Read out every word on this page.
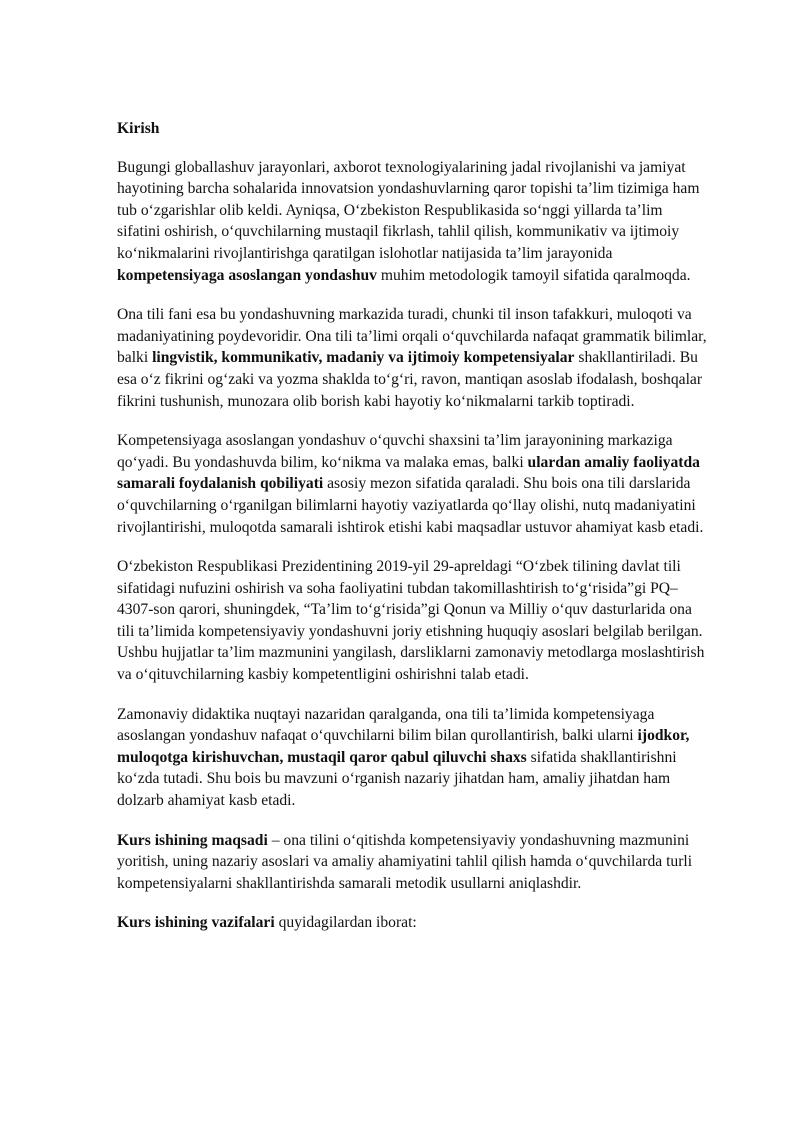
Kirish

Bugungi globallashuv jarayonlari, axborot texnologiyalarining jadal rivojlanishi va jamiyat hayotining barcha sohalarida innovatsion yondashuvlarning qaror topishi ta’lim tizimiga ham tub o‘zgarishlar olib keldi. Ayniqsa, O‘zbekiston Respublikasida so‘nggi yillarda ta’lim sifatini oshirish, o‘quvchilarning mustaqil fikrlash, tahlil qilish, kommunikativ va ijtimoiy ko‘nikmalarini rivojlantirishga qaratilgan islohotlar natijasida ta’lim jarayonida kompetensiyaga asoslangan yondashuv muhim metodologik tamoyil sifatida qaralmoqda.

Ona tili fani esa bu yondashuvning markazida turadi, chunki til inson tafakkuri, muloqoti va madaniyatining poydevoridir. Ona tili ta’limi orqali o‘quvchilarda nafaqat grammatik bilimlar, balki lingvistik, kommunikativ, madaniy va ijtimoiy kompetensiyalar shakllantiriladi. Bu esa o‘z fikrini og‘zaki va yozma shaklda to‘g‘ri, ravon, mantiqan asoslab ifodalash, boshqalar fikrini tushunish, munozara olib borish kabi hayotiy ko‘nikmalarni tarkib toptiradi.

Kompetensiyaga asoslangan yondashuv o‘quvchi shaxsini ta’lim jarayonining markaziga qo‘yadi. Bu yondashuvda bilim, ko‘nikma va malaka emas, balki ulardan amaliy faoliyatda samarali foydalanish qobiliyati asosiy mezon sifatida qaraladi. Shu bois ona tili darslarida o‘quvchilarning o‘rganilgan bilimlarni hayotiy vaziyatlarda qo‘llay olishi, nutq madaniyatini rivojlantirishi, muloqotda samarali ishtirok etishi kabi maqsadlar ustuvor ahamiyat kasb etadi.

O‘zbekiston Respublikasi Prezidentining 2019-yil 29-apreldagi “O‘zbek tilining davlat tili sifatidagi nufuzini oshirish va soha faoliyatini tubdan takomillashtirish to‘g‘risida”gi PQ–4307-son qarori, shuningdek, “Ta’lim to‘g‘risida”gi Qonun va Milliy o‘quv dasturlarida ona tili ta’limida kompetensiyaviy yondashuvni joriy etishning huquqiy asoslari belgilab berilgan. Ushbu hujjatlar ta’lim mazmunini yangilash, darsliklarni zamonaviy metodlarga moslashtirish va o‘qituvchilarning kasbiy kompetentligini oshirishni talab etadi.

Zamonaviy didaktika nuqtayi nazaridan qaralganda, ona tili ta’limida kompetensiyaga asoslangan yondashuv nafaqat o‘quvchilarni bilim bilan qurollantirish, balki ularni ijodkor, muloqotga kirishuvchan, mustaqil qaror qabul qiluvchi shaxs sifatida shakllantirishni ko‘zda tutadi. Shu bois bu mavzuni o‘rganish nazariy jihatdan ham, amaliy jihatdan ham dolzarb ahamiyat kasb etadi.

Kurs ishining maqsadi – ona tilini o‘qitishda kompetensiyaviy yondashuvning mazmunini yoritish, uning nazariy asoslari va amaliy ahamiyatini tahlil qilish hamda o‘quvchilarda turli kompetensiyalarni shakllantirishda samarali metodik usullarni aniqlashdir.

Kurs ishining vazifalari quyidagilardan iborat:
